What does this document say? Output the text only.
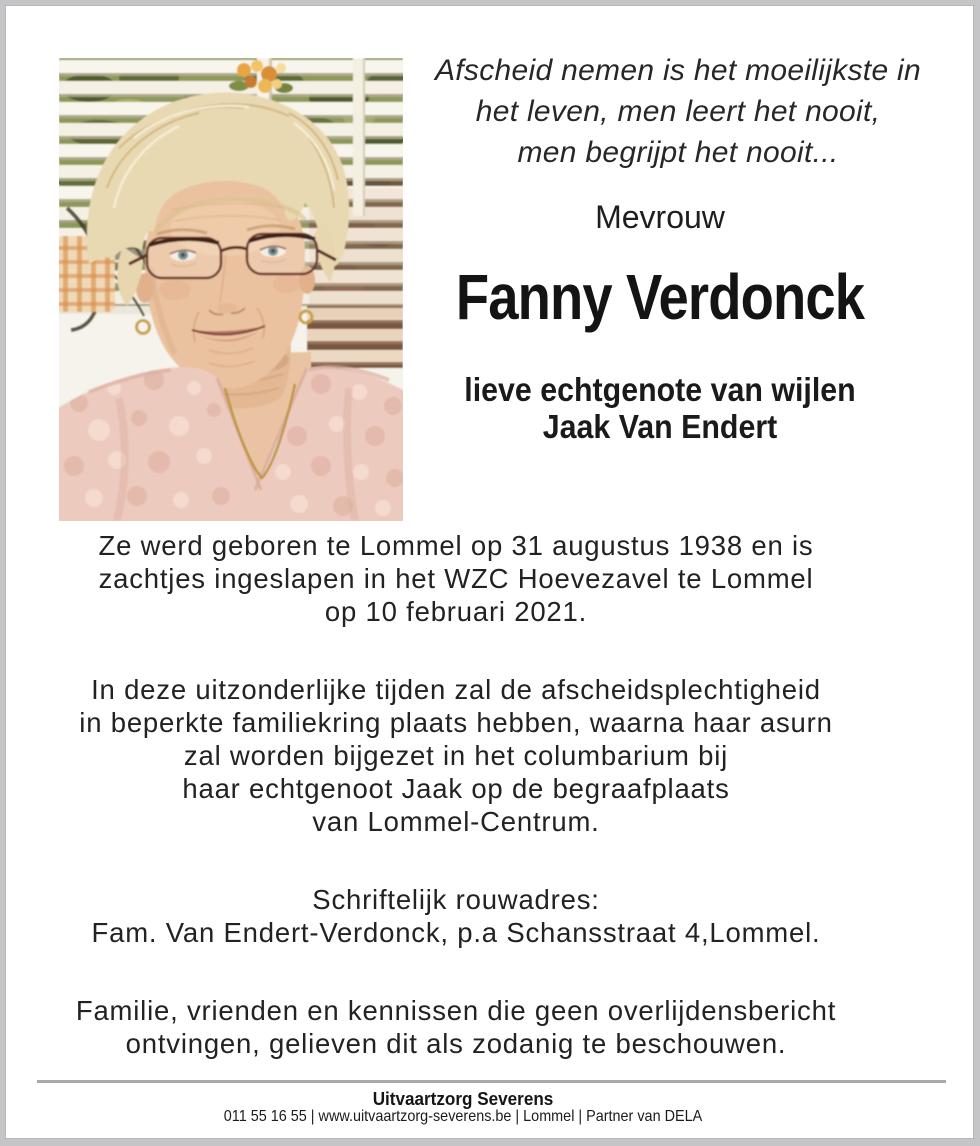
Afscheid nemen is het moeilijkste in
het leven, men leert het nooit,
men begrijpt het nooit...
Mevrouw
Fanny Verdonck
lieve echtgenote van wijlen
Jaak Van Endert

Ze werd geboren te Lommel op 31 augustus 1938 en is
zachtjes ingeslapen in het WZC Hoevezavel te Lommel
op 10 februari 2021.

In deze uitzonderlijke tijden zal de afscheidsplechtigheid
in beperkte familiekring plaats hebben, waarna haar asurn
zal worden bijgezet in het columbarium bij
haar echtgenoot Jaak op de begraafplaats
van Lommel-Centrum.

Schriftelijk rouwadres:
Fam. Van Endert-Verdonck, p.a Schansstraat 4,Lommel.

Familie, vrienden en kennissen die geen overlijdensbericht
ontvingen, gelieven dit als zodanig te beschouwen.

Uitvaartzorg Severens
011 55 16 55 | www.uitvaartzorg-severens.be | Lommel | Partner van DELA
